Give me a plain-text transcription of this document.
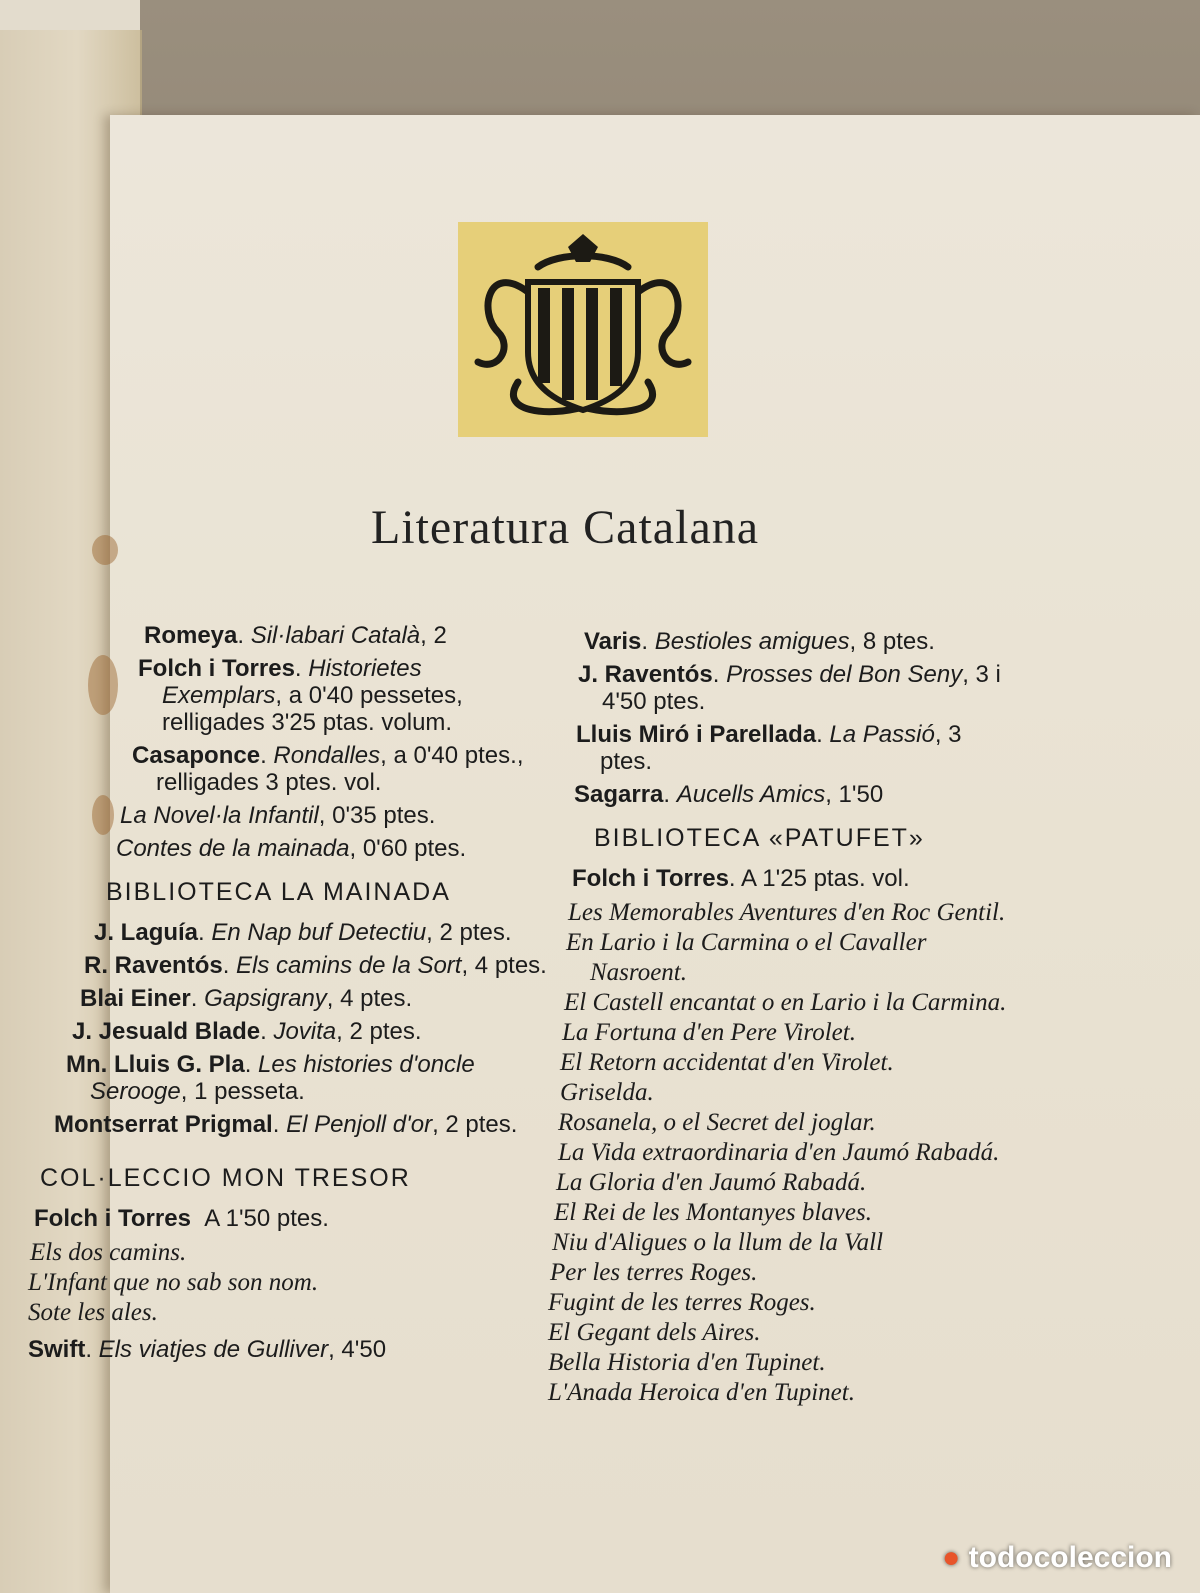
Literatura Catalana
Romeya. Sil·labari Català, 2
Folch i Torres. Historietes Exemplars, a 0'40 pessetes, relligades 3'25 ptas. volum.
Casaponce. Rondalles, a 0'40 ptes., relligades 3 ptes. vol.
La Novel·la Infantil, 0'35 ptes.
Contes de la mainada, 0'60 ptes.
BIBLIOTECA LA MAINADA
J. Laguía. En Nap buf Detectiu, 2 ptes.
R. Raventós. Els camins de la Sort, 4 ptes.
Blai Einer. Gapsigrany, 4 ptes.
J. Jesuald Blade. Jovita, 2 ptes.
Mn. Lluis G. Pla. Les histories d'oncle Serooge, 1 pesseta.
Montserrat Prigmal. El Penjoll d'or, 2 ptes.
COL·LECCIO MON TRESOR
Folch i Torres A 1'50 ptes.
Els dos camins.
L'Infant que no sab son nom.
Sote les ales.
Swift. Els viatjes de Gulliver, 4'50
Varis. Bestioles amigues, 8 ptes.
J. Raventós. Prosses del Bon Seny, 3 i 4'50 ptes.
Lluis Miró i Parellada. La Passió, 3 ptes.
Sagarra. Aucells Amics, 1'50
BIBLIOTECA «PATUFET»
Folch i Torres. A 1'25 ptas. vol.
Les Memorables Aventures d'en Roc Gentil.
En Lario i la Carmina o el Cavaller Nasroent.
El Castell encantat o en Lario i la Carmina.
La Fortuna d'en Pere Virolet.
El Retorn accidentat d'en Virolet.
Griselda.
Rosanela, o el Secret del joglar.
La Vida extraordinaria d'en Jaumó Rabadá.
La Gloria d'en Jaumó Rabadá.
El Rei de les Montanyes blaves.
Niu d'Aligues o la llum de la Vall
Per les terres Roges.
Fugint de les terres Roges.
El Gegant dels Aires.
Bella Historia d'en Tupinet.
L'Anada Heroica d'en Tupinet.
● todocoleccion
